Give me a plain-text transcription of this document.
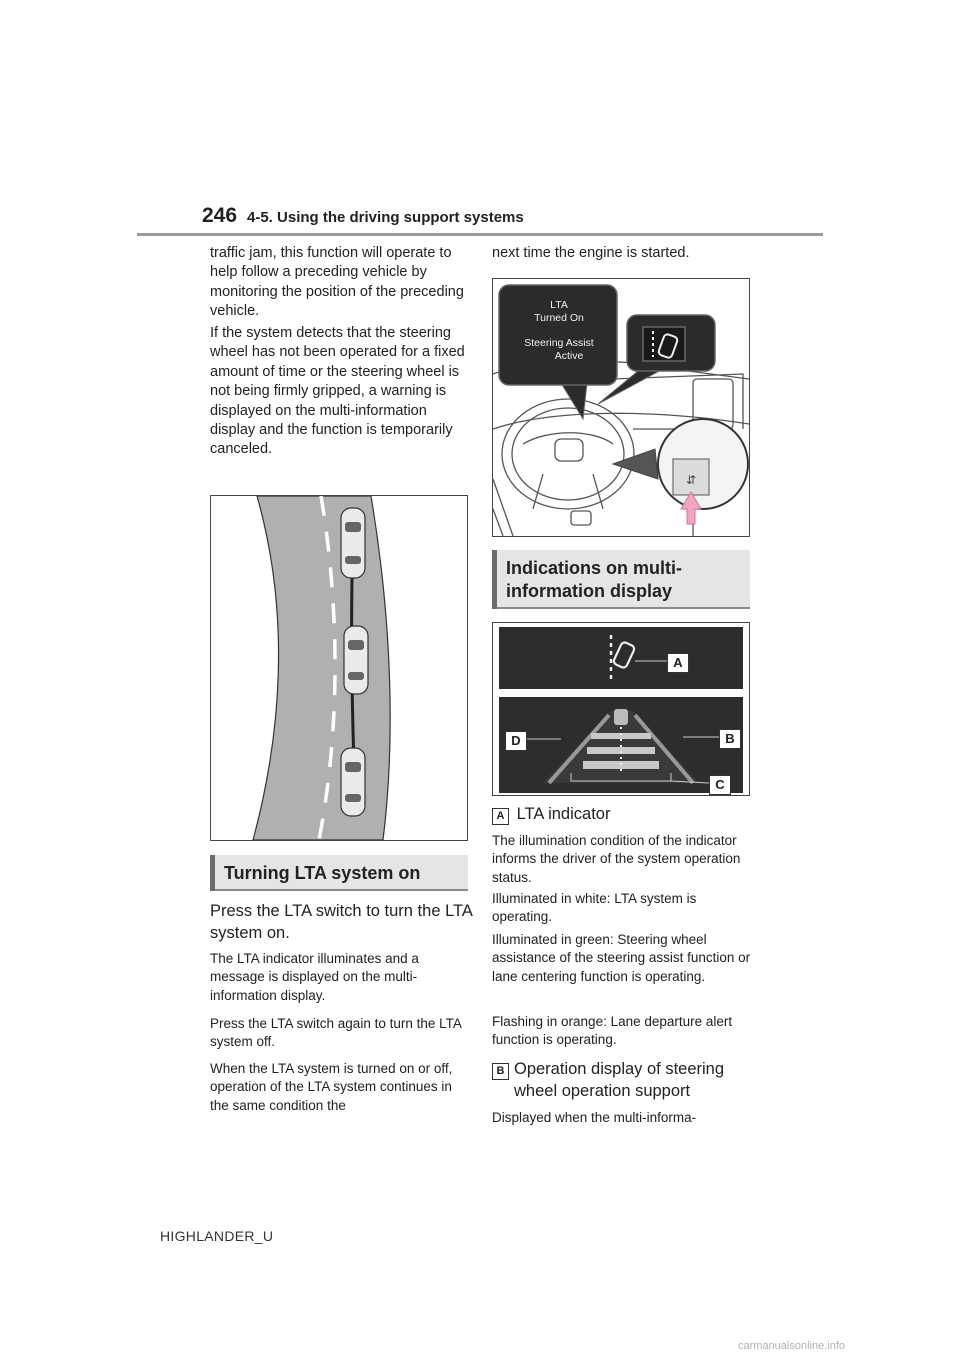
246 4-5. Using the driving support systems
traffic jam, this function will operate to help follow a preceding vehicle by monitoring the position of the preceding vehicle.
If the system detects that the steering wheel has not been operated for a fixed amount of time or the steering wheel is not being firmly gripped, a warning is displayed on the multi-information display and the function is temporarily canceled.
Turning LTA system on
Press the LTA switch to turn the LTA system on.
The LTA indicator illuminates and a message is displayed on the multi-information display.
Press the LTA switch again to turn the LTA system off.
When the LTA system is turned on or off, operation of the LTA system continues in the same condition the
next time the engine is started.
⇵
LTA
Turned On
Steering Assist
Active
Indications on multi-information display
A
B
D
C
A LTA indicator
The illumination condition of the indicator informs the driver of the system operation status.
Illuminated in white: LTA system is operating.
Illuminated in green: Steering wheel assistance of the steering assist function or lane centering function is operating.
Flashing in orange: Lane departure alert function is operating.
B Operation display of steering wheel operation support
Displayed when the multi-informa-
HIGHLANDER_U
carmanualsonline.info
